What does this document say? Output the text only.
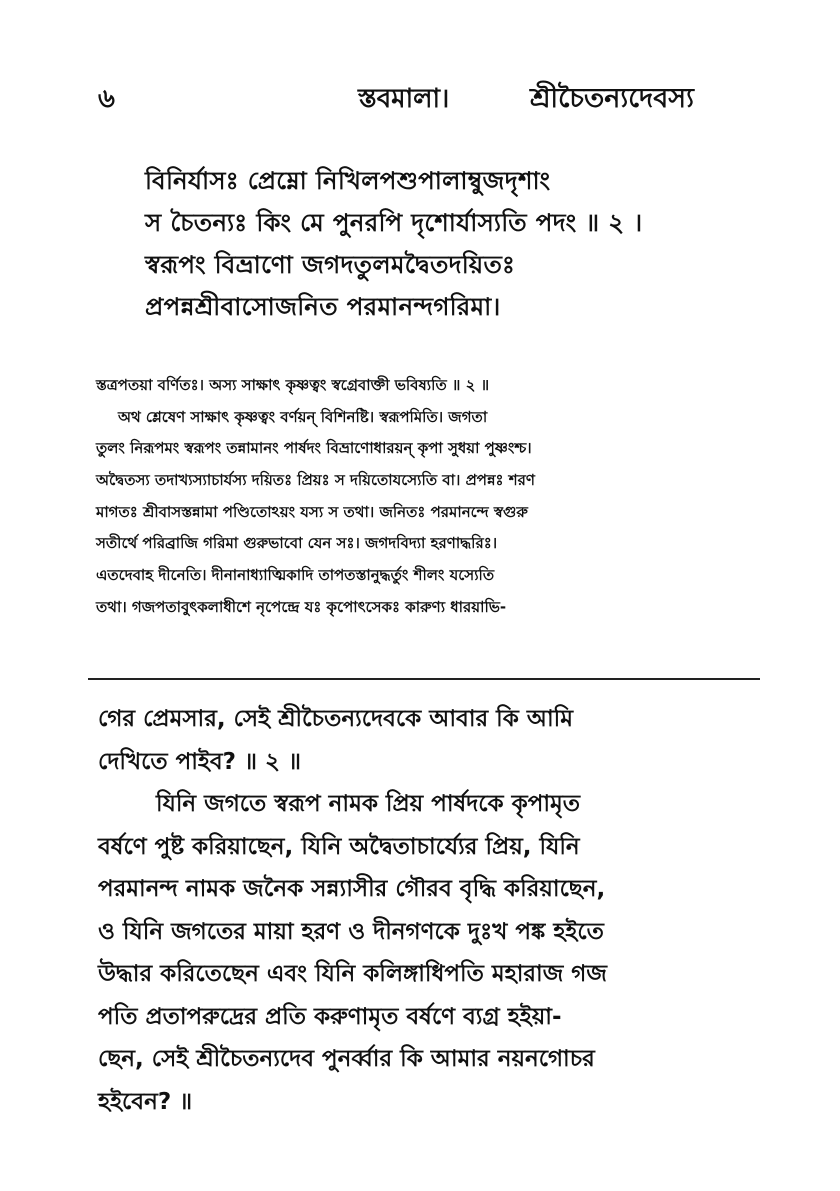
৬	স্তবমালা।	শ্রীচৈতন্যদেবস্য
বিনির্যাসঃ প্রেম্নো নিখিলপশুপালাম্বুজদৃশাং
স চৈতন্যঃ কিং মে পুনরপি দৃশোর্যাস্যতি পদং ॥ ২ ।
স্বরূপং বিভ্রাণো জগদতুলমদ্বৈতদয়িতঃ
প্রপন্নশ্রীবাসোজনিত পরমানন্দগরিমা।
স্তত্রপতয়া বর্ণিতঃ। অস্য সাক্ষাৎ কৃষ্ণত্বং স্বগ্রেবাক্তী ভবিষ্যতি ॥ ২ ॥
অথ শ্লেষেণ সাক্ষাৎ কৃষ্ণত্বং বর্ণয়ন্ বিশিনষ্টি। স্বরূপমিতি। জগতা
তুলং নিরূপমং স্বরূপং তন্নামানং পার্ষদং বিভ্রাণোধারয়ন্ কৃপা সুধয়া পুষ্ণংশ্চ।
অদ্বৈতস্য তদাখ্যস্যাচার্যস্য দয়িতঃ প্রিয়ঃ স দয়িতোযস্যেতি বা। প্রপন্নঃ শরণ
মাগতঃ শ্রীবাসস্তন্নামা পণ্ডিতোঽয়ং যস্য স তথা। জনিতঃ পরমানন্দে স্বগুরু
সতীর্থে পরিব্রাজি গরিমা গুরুভাবো যেন সঃ। জগদবিদ্যা হরণাদ্ধরিঃ।
এতদেবাহ দীনেতি। দীনানাধ্যাত্মিকাদি তাপতস্তানুদ্ধর্তুং শীলং যস্যেতি
তথা। গজপতাবুৎকলাধীশে নৃপেন্দ্রে যঃ কৃপোৎসেকঃ কারুণ্য ধারয়াভি-
গের প্রেমসার, সেই শ্রীচৈতন্যদেবকে আবার কি আমি
দেখিতে পাইব? ॥ ২ ॥
যিনি জগতে স্বরূপ নামক প্রিয় পার্ষদকে কৃপামৃত
বর্ষণে পুষ্ট করিয়াছেন, যিনি অদ্বৈতাচার্য্যের প্রিয়, যিনি
পরমানন্দ নামক জনৈক সন্ন্যাসীর গৌরব বৃদ্ধি করিয়াছেন,
ও যিনি জগতের মায়া হরণ ও দীনগণকে দুঃখ পঙ্ক হইতে
উদ্ধার করিতেছেন এবং যিনি কলিঙ্গাধিপতি মহারাজ গজ
পতি প্রতাপরুদ্রের প্রতি করুণামৃত বর্ষণে ব্যগ্র হইয়া-
ছেন, সেই শ্রীচৈতন্যদেব পুনর্ব্বার কি আমার নয়নগোচর
হইবেন? ॥
